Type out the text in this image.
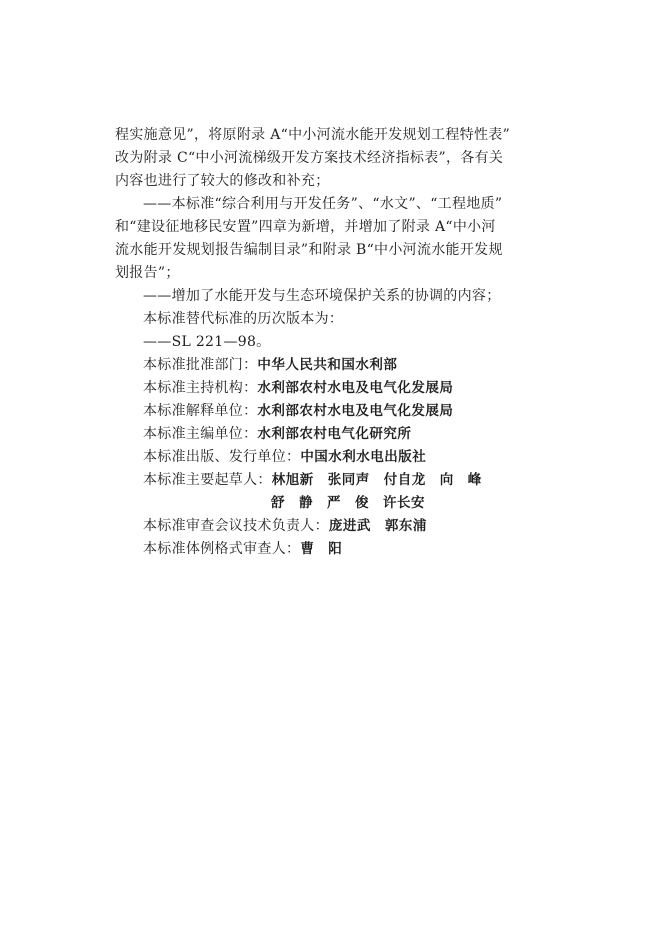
程实施意见”，将原附录 A“中小河流水能开发规划工程特性表”
改为附录 C“中小河流梯级开发方案技术经济指标表”，各有关
内容也进行了较大的修改和补充；
——本标准“综合利用与开发任务”、“水文”、“工程地质”
和“建设征地移民安置”四章为新增，并增加了附录 A“中小河
流水能开发规划报告编制目录”和附录 B“中小河流水能开发规
划报告”；
——增加了水能开发与生态环境保护关系的协调的内容；
本标准替代标准的历次版本为：
——SL 221—98。
本标准批准部门：中华人民共和国水利部
本标准主持机构：水利部农村水电及电气化发展局
本标准解释单位：水利部农村水电及电气化发展局
本标准主编单位：水利部农村电气化研究所
本标准出版、发行单位：中国水利水电出版社
本标准主要起草人：林旭新 张同声 付自龙 向　峰
舒　静 严　俊 许长安
本标准审查会议技术负责人：庞进武　郭东浦
本标准体例格式审查人：曹　阳
